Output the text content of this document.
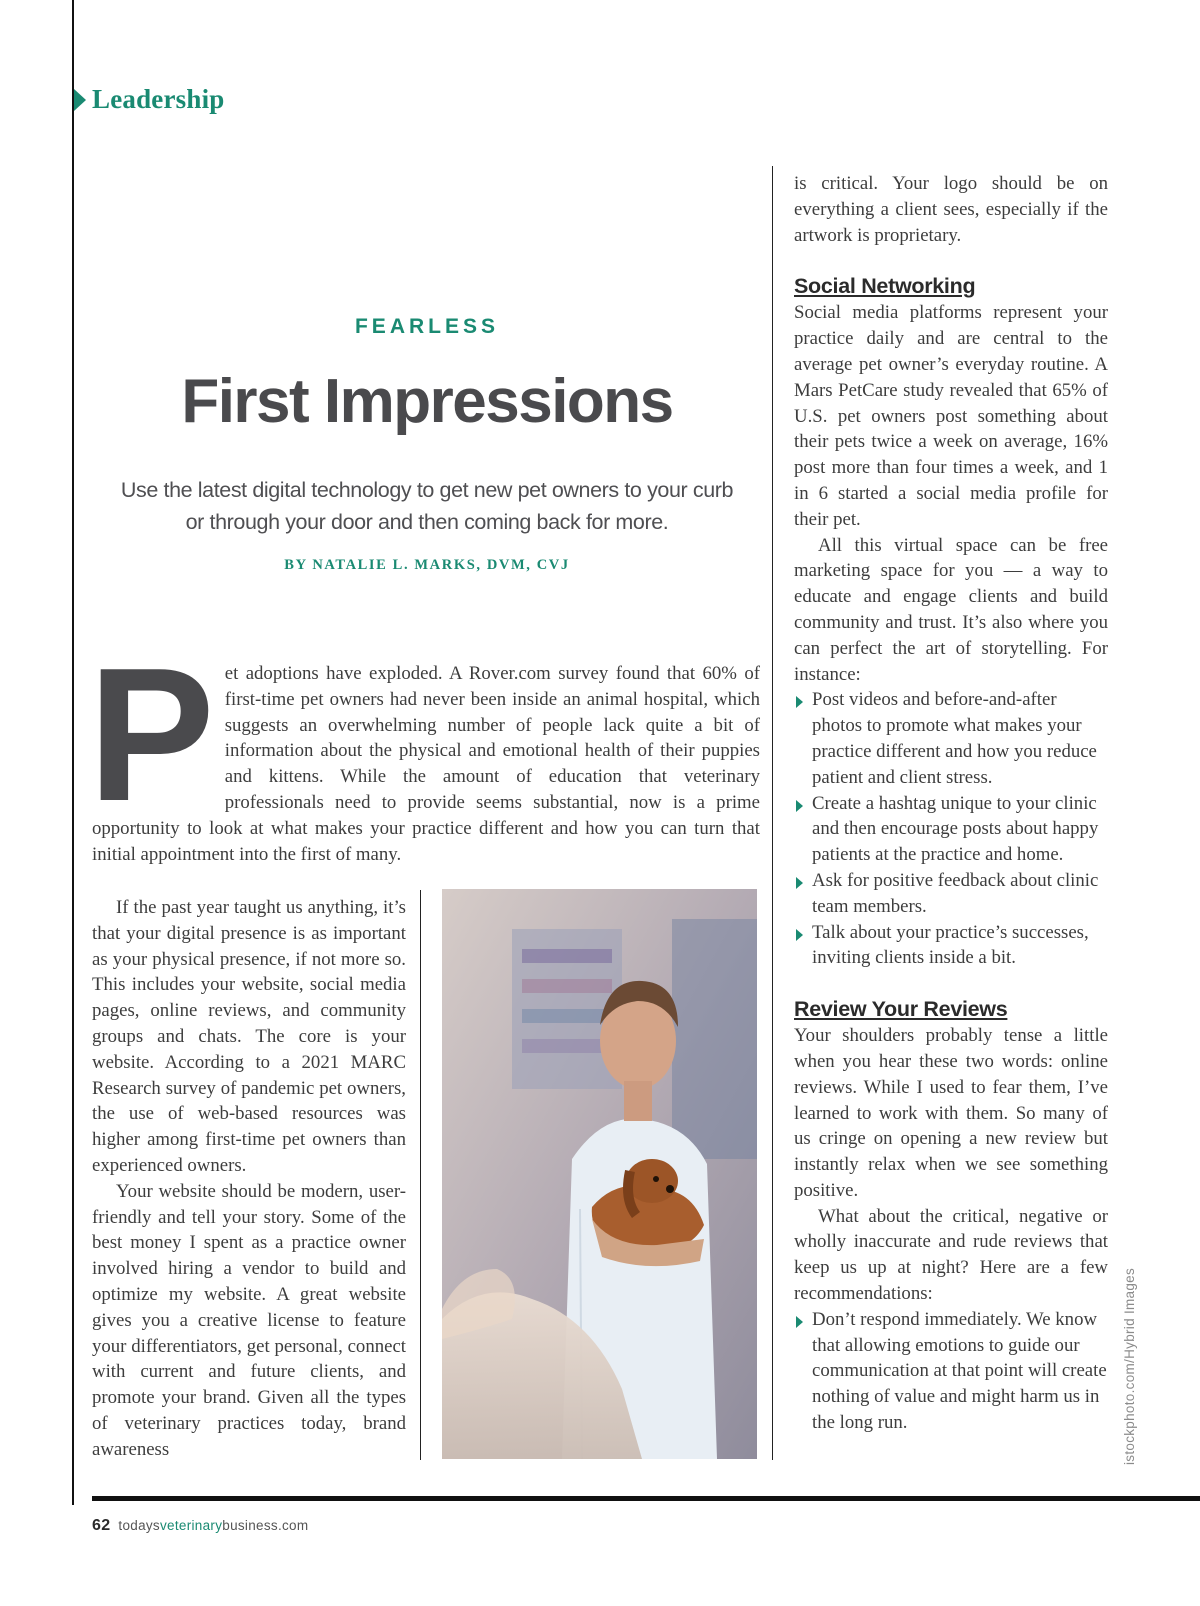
Leadership
FEARLESS
First Impressions
Use the latest digital technology to get new pet owners to your curb or through your door and then coming back for more.
BY NATALIE L. MARKS, DVM, CVJ
P et adoptions have exploded. A Rover.com survey found that 60% of first-time pet owners had never been inside an animal hospital, which suggests an overwhelming number of people lack quite a bit of information about the physical and emotional health of their puppies and kittens. While the amount of education that veterinary professionals need to provide seems substantial, now is a prime opportunity to look at what makes your practice different and how you can turn that initial appointment into the first of many.

If the past year taught us anything, it’s that your digital presence is as important as your physical presence, if not more so. This includes your website, social media pages, online reviews, and community groups and chats. The core is your website. According to a 2021 MARC Research survey of pandemic pet owners, the use of web-based resources was higher among first-time pet owners than experienced owners.

Your website should be modern, user-friendly and tell your story. Some of the best money I spent as a practice owner involved hiring a vendor to build and optimize my website. A great website gives you a creative license to feature your differentiators, get personal, connect with current and future clients, and promote your brand. Given all the types of veterinary practices today, brand awareness

is critical. Your logo should be on everything a client sees, especially if the artwork is proprietary.

Social Networking

Social media platforms represent your practice daily and are central to the average pet owner’s everyday routine. A Mars PetCare study revealed that 65% of U.S. pet owners post something about their pets twice a week on average, 16% post more than four times a week, and 1 in 6 started a social media profile for their pet.

All this virtual space can be free marketing space for you — a way to educate and engage clients and build community and trust. It’s also where you can perfect the art of storytelling. For instance:

Post videos and before-and-after photos to promote what makes your practice different and how you reduce patient and client stress.
Create a hashtag unique to your clinic and then encourage posts about happy patients at the practice and home.
Ask for positive feedback about clinic team members.
Talk about your practice’s successes, inviting clients inside a bit.
Review Your Reviews

Your shoulders probably tense a little when you hear these two words: online reviews. While I used to fear them, I’ve learned to work with them. So many of us cringe on opening a new review but instantly relax when we see something positive.

What about the critical, negative or wholly inaccurate and rude reviews that keep us up at night? Here are a few recommendations:

Don’t respond immediately. We know that allowing emotions to guide our communication at that point will create nothing of value and might harm us in the long run.	istockphoto.com/Hybrid Images
62 todaysveterinarybusiness.com
